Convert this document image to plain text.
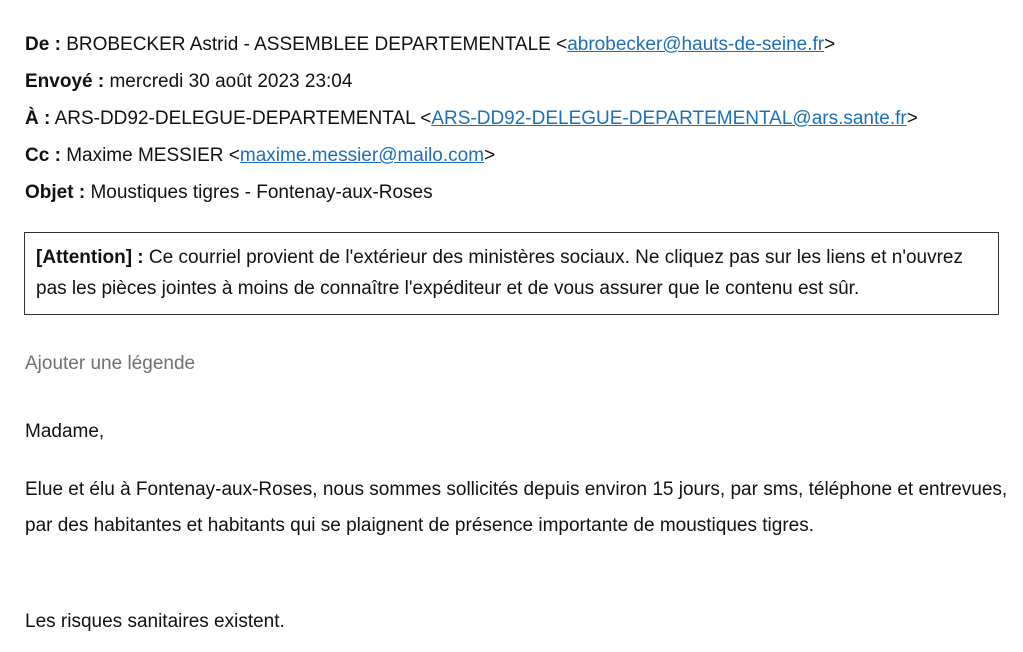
De : BROBECKER Astrid - ASSEMBLEE DEPARTEMENTALE <abrobecker@hauts-de-seine.fr>
Envoyé : mercredi 30 août 2023 23:04
À : ARS-DD92-DELEGUE-DEPARTEMENTAL <ARS-DD92-DELEGUE-DEPARTEMENTAL@ars.sante.fr>
Cc : Maxime MESSIER <maxime.messier@mailo.com>
Objet : Moustiques tigres - Fontenay-aux-Roses
[Attention] : Ce courriel provient de l'extérieur des ministères sociaux. Ne cliquez pas sur les liens et n'ouvrez pas les pièces jointes à moins de connaître l'expéditeur et de vous assurer que le contenu est sûr.
Ajouter une légende
Madame,
Elue et élu à Fontenay-aux-Roses, nous sommes sollicités depuis environ 15 jours, par sms, téléphone et entrevues, par des habitantes et habitants qui se plaignent de présence importante de moustiques tigres.
Les risques sanitaires existent.
